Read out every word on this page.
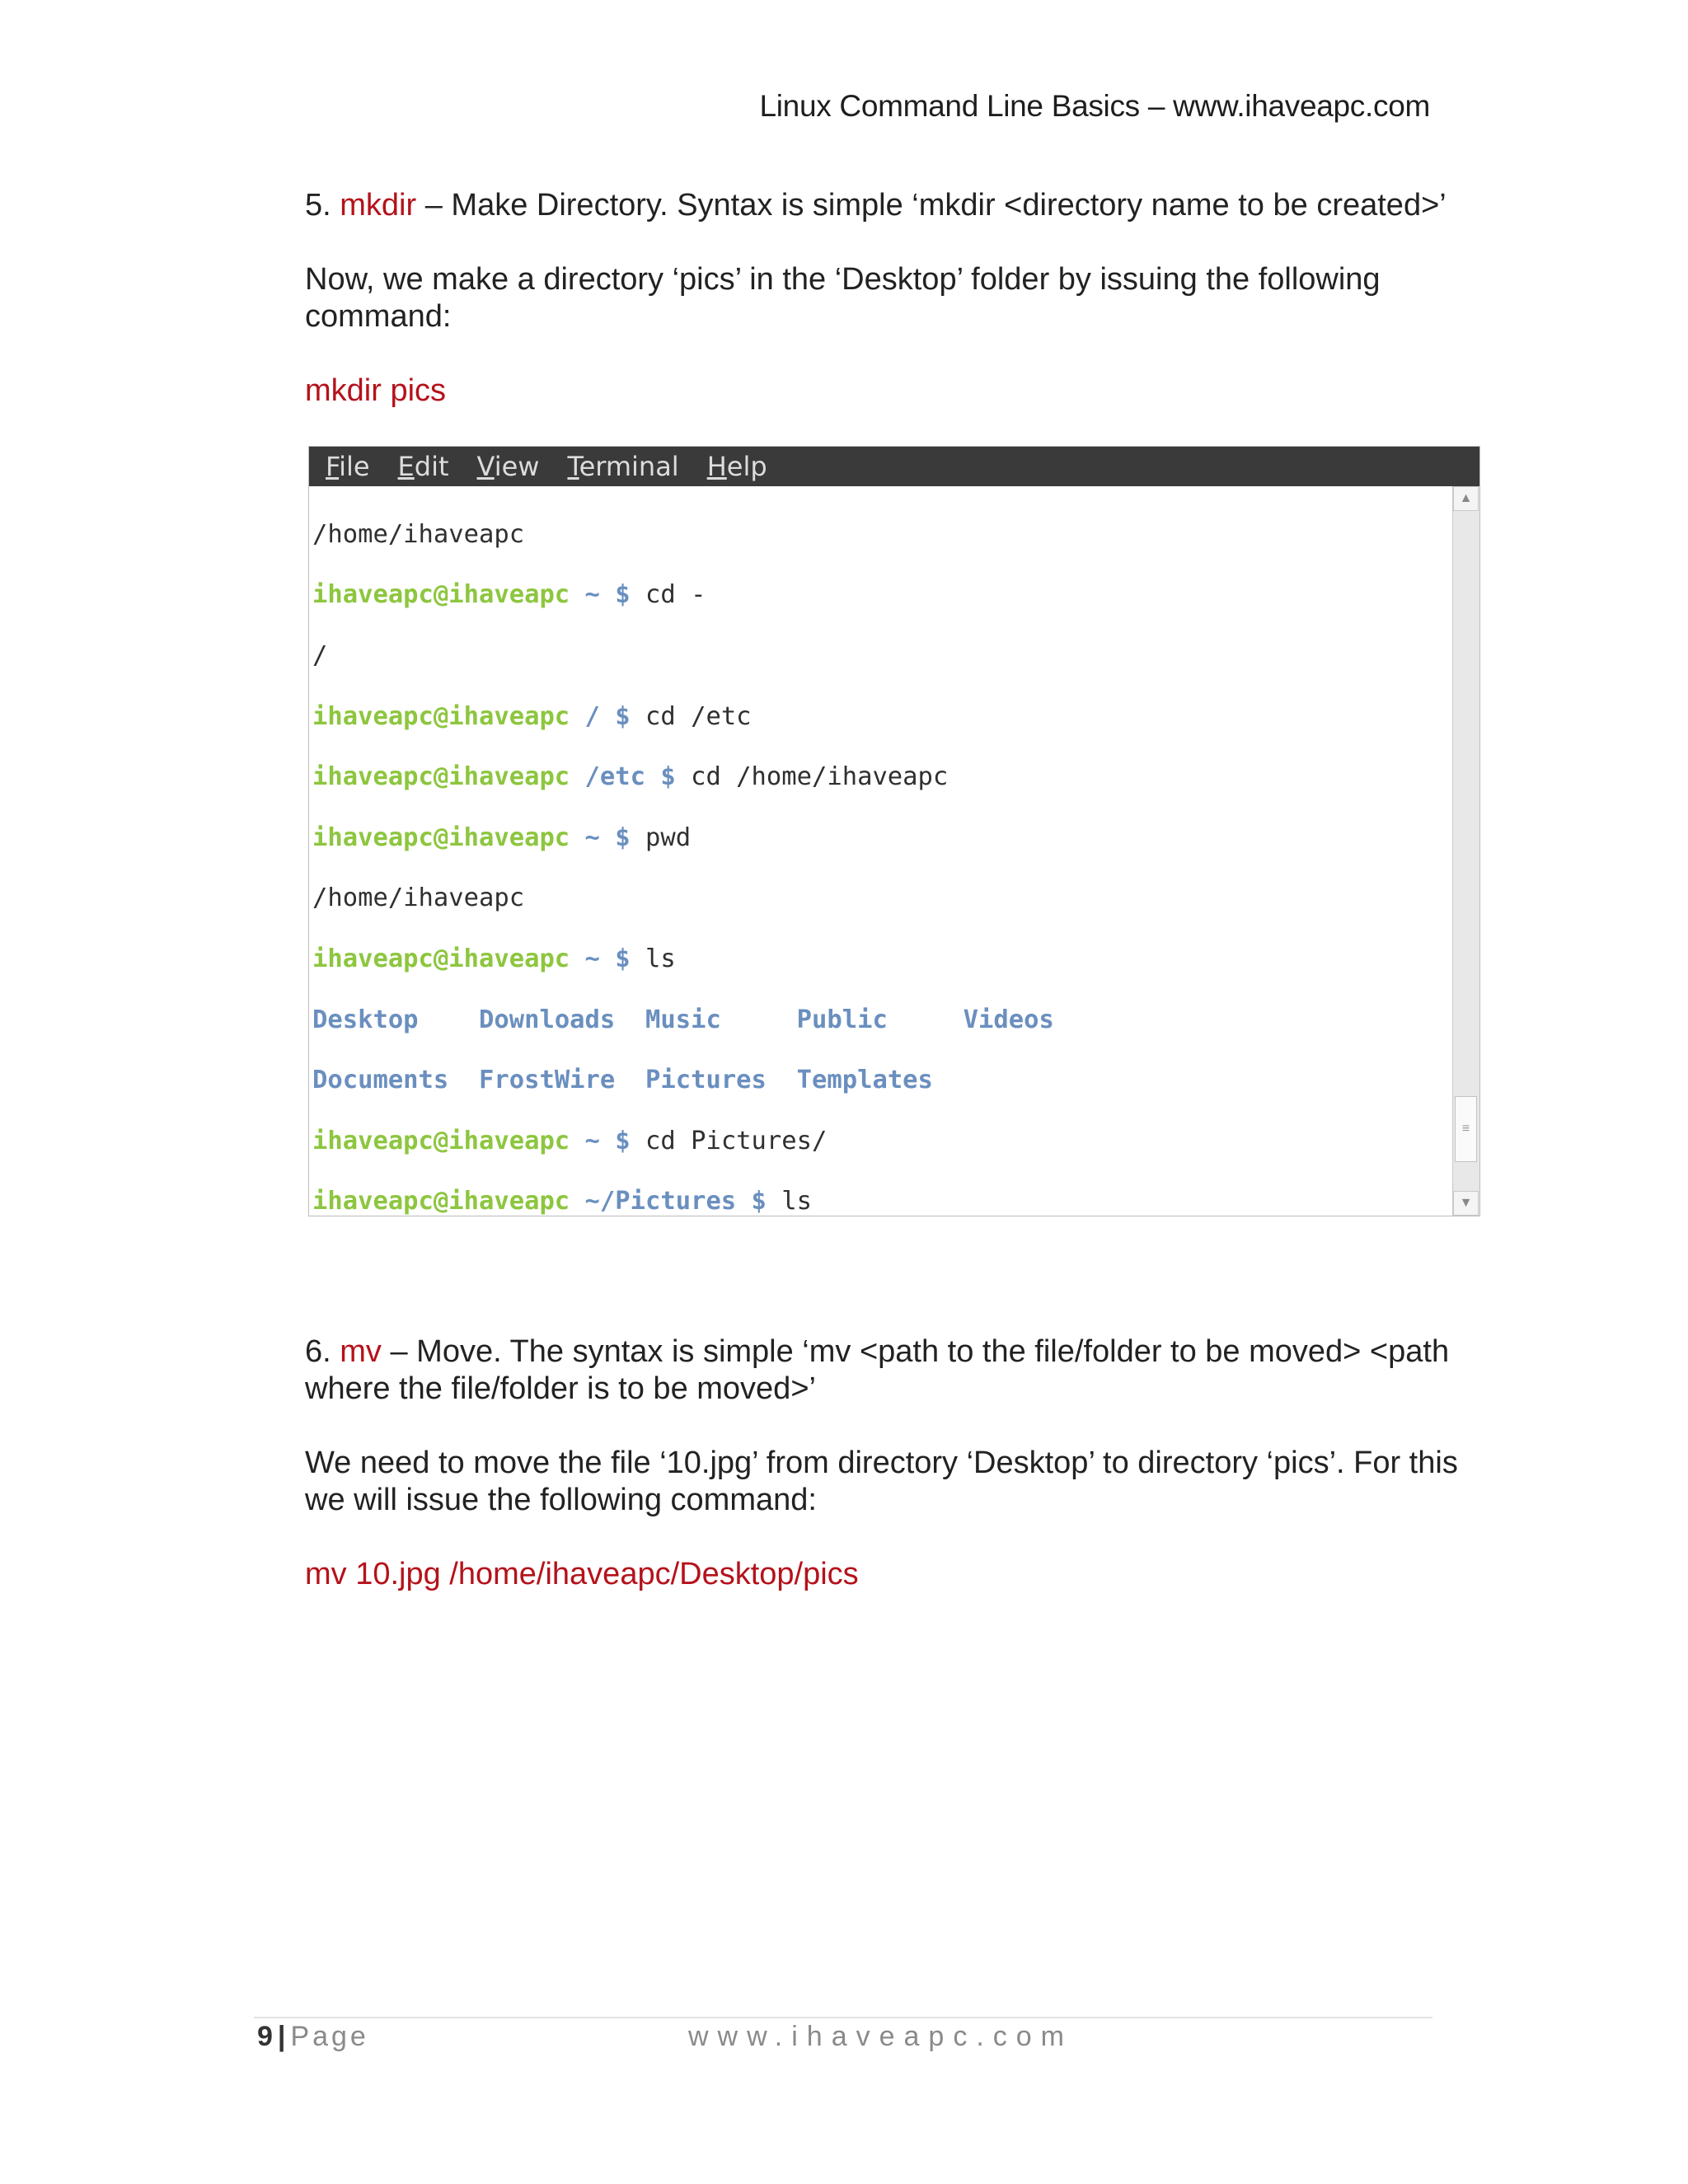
Linux Command Line Basics – www.ihaveapc.com
5. mkdir – Make Directory. Syntax is simple ‘mkdir <directory name to be created>’
Now, we make a directory ‘pics’ in the ‘Desktop’ folder by issuing the following command:
mkdir pics
File Edit View Terminal Help

/home/ihaveapc

ihaveapc@ihaveapc ~ $ cd -

/

ihaveapc@ihaveapc / $ cd /etc

ihaveapc@ihaveapc /etc $ cd /home/ihaveapc

ihaveapc@ihaveapc ~ $ pwd

/home/ihaveapc

ihaveapc@ihaveapc ~ $ ls

Desktop Downloads Music	Public	Videos

Documents FrostWire Pictures Templates

ihaveapc@ihaveapc ~ $ cd Pictures/

ihaveapc@ihaveapc ~/Pictures $ ls

▲
≡
▼
6. mv – Move. The syntax is simple ‘mv <path to the file/folder to be moved> <path where the file/folder is to be moved>’
We need to move the file ‘10.jpg’ from directory ‘Desktop’ to directory ‘pics’. For this we will issue the following command:
mv 10.jpg /home/ihaveapc/Desktop/pics
9 | Page	www.ihaveapc.com
